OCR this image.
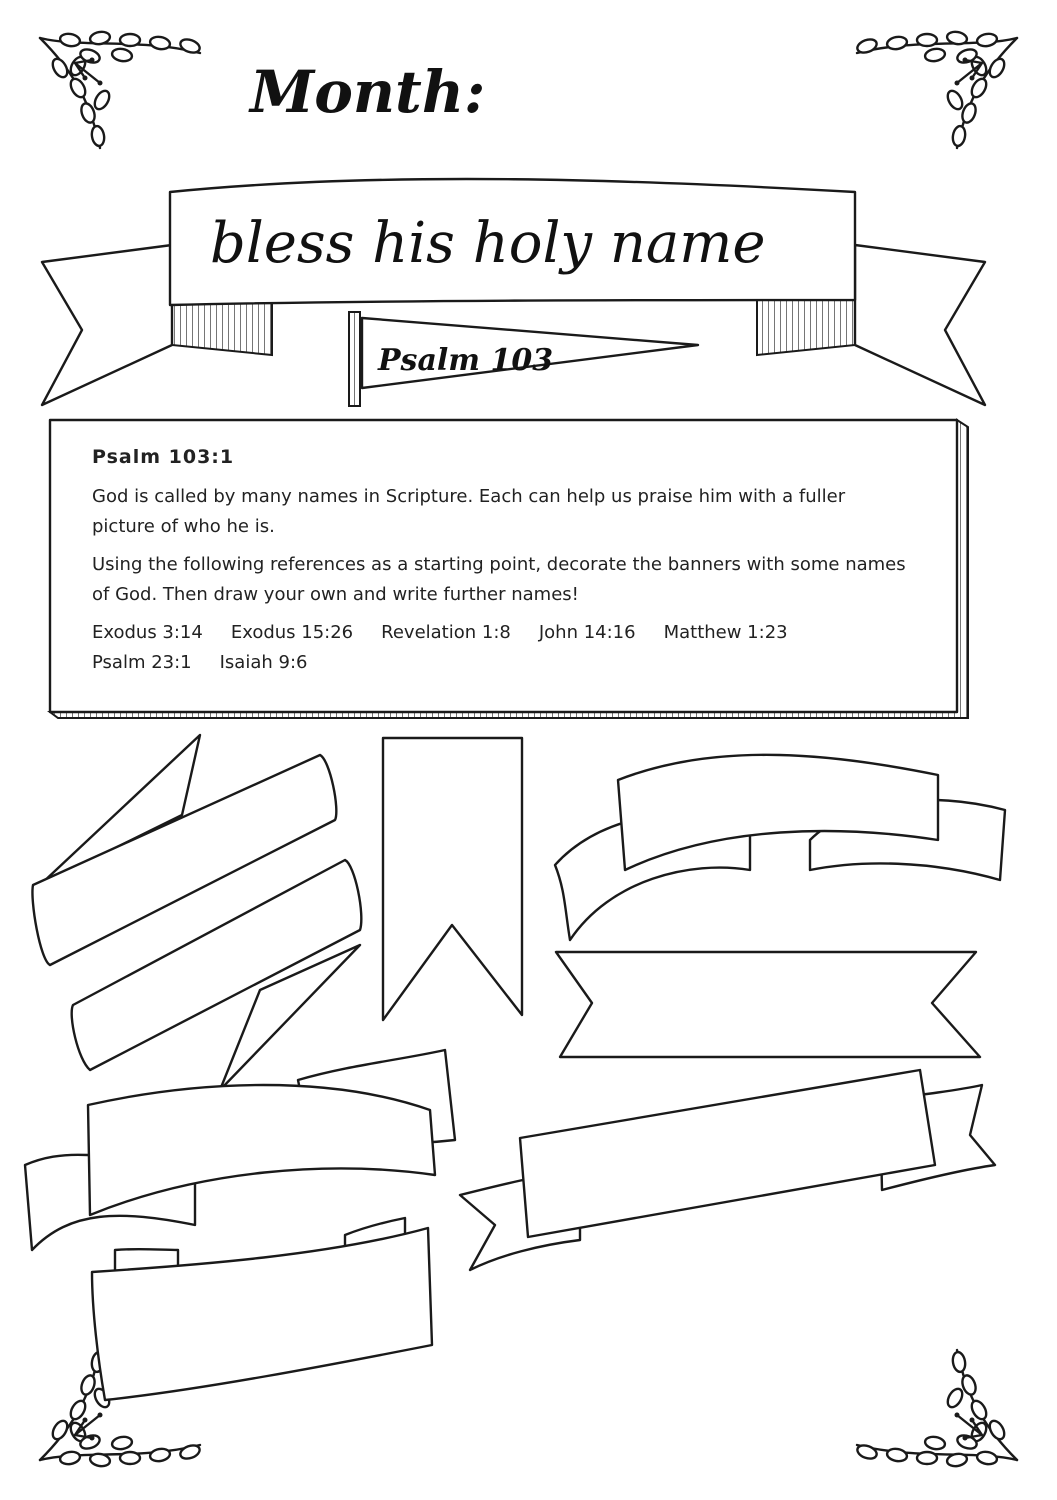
Month:
bless his holy name
Psalm 103

Psalm 103:1

God is called by many names in Scripture. Each can help us praise him with a fuller picture of who he is.

Using the following references as a starting point, decorate the banners with some names of God. Then draw your own and write further names!

Exodus 3:14 Exodus 15:26 Revelation 1:8 John 14:16 Matthew 1:23
Psalm 23:1 Isaiah 9:6
